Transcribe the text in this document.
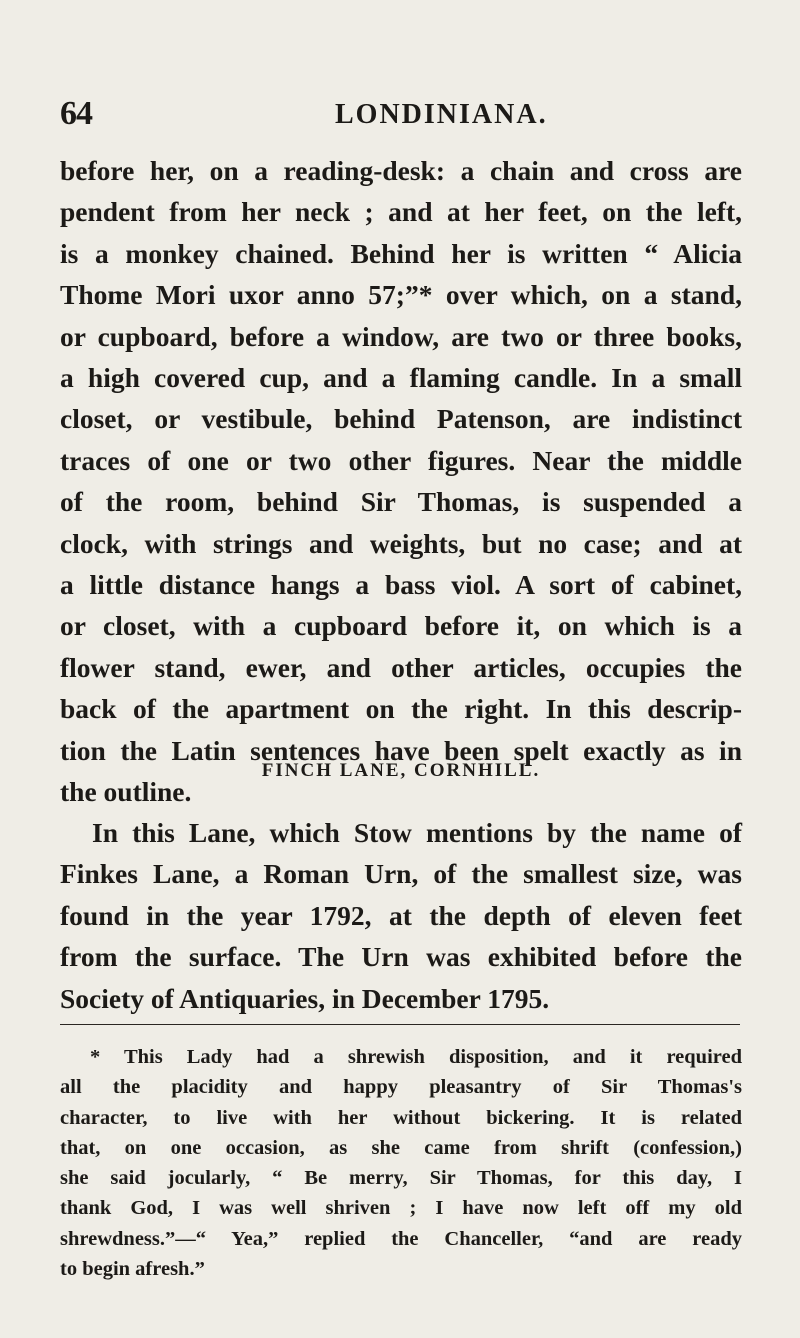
64	LONDINIANA.
before her, on a reading-desk: a chain and cross are
pendent from her neck ; and at her feet, on the left,
is a monkey chained. Behind her is written “ Alicia
Thome Mori uxor anno 57;”* over which, on a stand,
or cupboard, before a window, are two or three books,
a high covered cup, and a flaming candle. In a small
closet, or vestibule, behind Patenson, are indistinct
traces of one or two other figures. Near the middle
of the room, behind Sir Thomas, is suspended a
clock, with strings and weights, but no case; and at
a little distance hangs a bass viol. A sort of cabinet,
or closet, with a cupboard before it, on which is a
flower stand, ewer, and other articles, occupies the
back of the apartment on the right. In this descrip-
tion the Latin sentences have been spelt exactly as in
the outline.
FINCH LANE, CORNHILL.
In this Lane, which Stow mentions by the name of
Finkes Lane, a Roman Urn, of the smallest size, was
found in the year 1792, at the depth of eleven feet
from the surface. The Urn was exhibited before the
Society of Antiquaries, in December 1795.
* This Lady had a shrewish disposition, and it required
all the placidity and happy pleasantry of Sir Thomas's
character, to live with her without bickering. It is related
that, on one occasion, as she came from shrift (confession,)
she said jocularly, “ Be merry, Sir Thomas, for this day, I
thank God, I was well shriven ; I have now left off my old
shrewdness.”—“ Yea,” replied the Chanceller, “and are ready
to begin afresh.”
